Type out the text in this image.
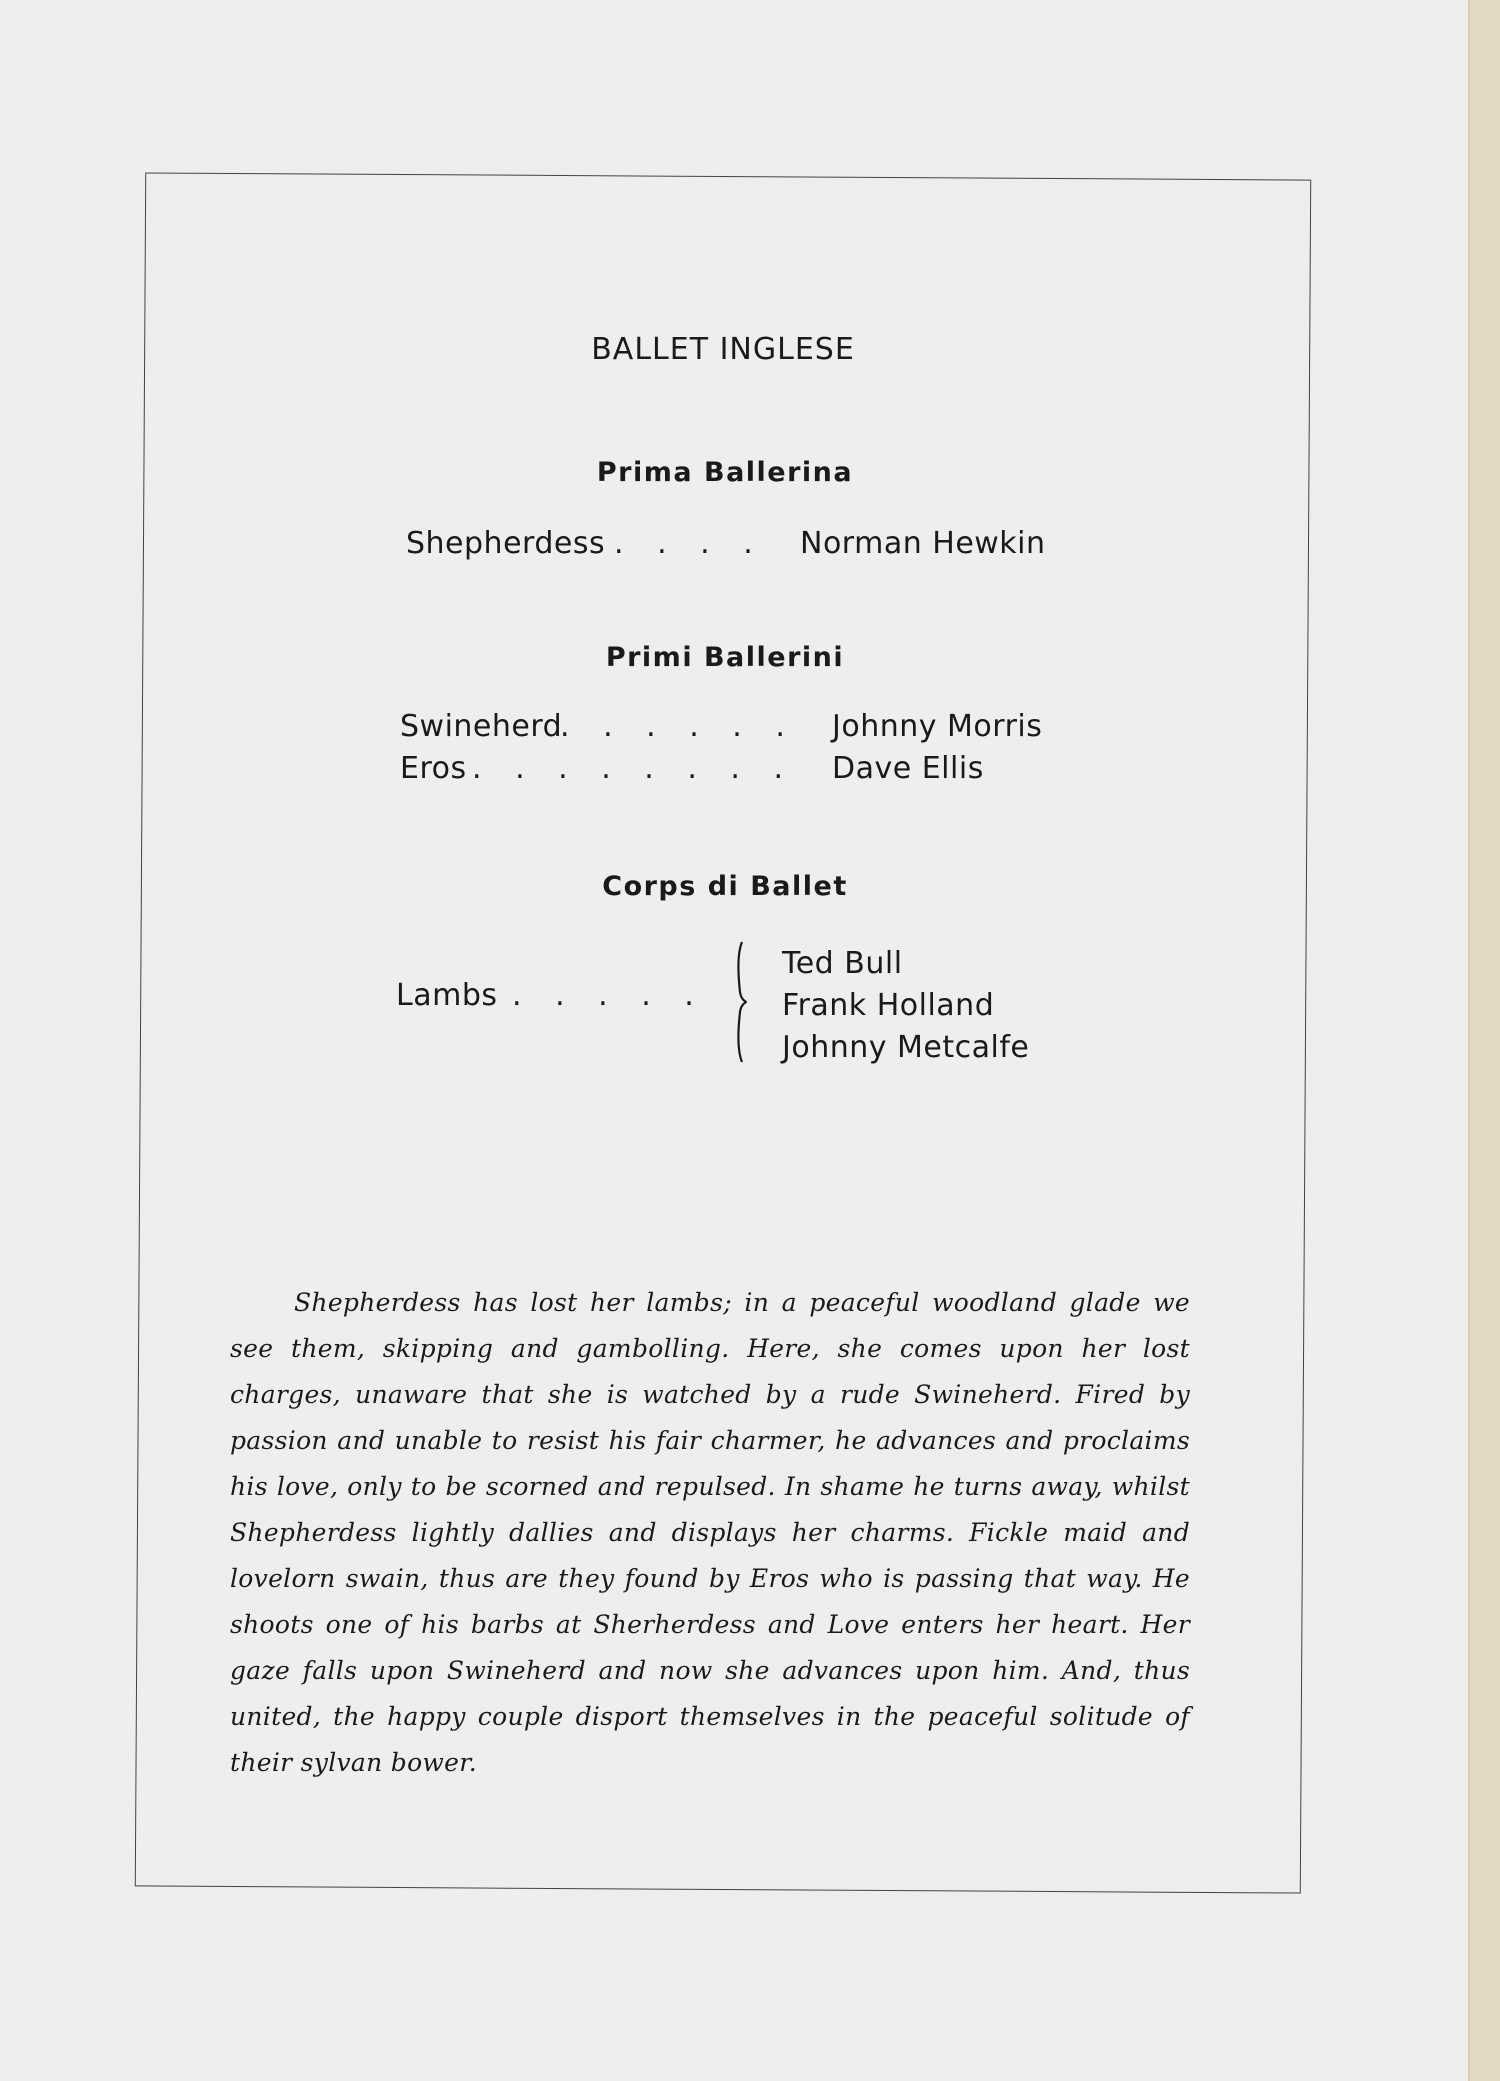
BALLET INGLESE
Prima Ballerina
Shepherdess . . . . Norman Hewkin
Primi Ballerini
Swineherd
. . . . . . Johnny Morris
Eros . . . . . . . . Dave Ellis
Corps di Ballet
Lambs . . . . .
Ted Bull
Frank Holland
Johnny Metcalfe

Shepherdess has lost her lambs; in a peaceful woodland glade we see them, skipping and gambolling. Here, she comes upon her lost charges, unaware that she is watched by a rude Swineherd. Fired by passion and unable to resist his fair charmer, he advances and proclaims his love, only to be scorned and repulsed. In shame he turns away, whilst Shepherdess lightly dallies and displays her charms. Fickle maid and lovelorn swain, thus are they found by Eros who is passing that way. He shoots one of his barbs at Sherherdess and Love enters her heart. Her gaze falls upon Swineherd and now she advances upon him. And, thus united, the happy couple disport themselves in the peaceful solitude of their sylvan bower.
